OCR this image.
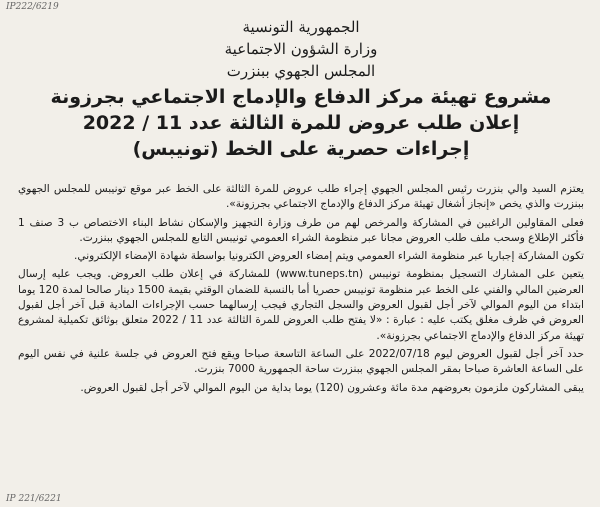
IP222/6219
الجمهورية التونسية
وزارة الشؤون الاجتماعية
المجلس الجهوي ببنزرت
مشروع تهيئة مركز الدفاع والإدماج الاجتماعي بجرزونة
إعلان طلب عروض للمرة الثالثة عدد 11 / 2022
إجراءات حصرية على الخط (تونيبس)

يعتزم السيد والي بنزرت رئيس المجلس الجهوي إجراء طلب عروض للمرة الثالثة على الخط عبر موقع تونيبس للمجلس الجهوي ببنزرت والذي يخص «إنجاز أشغال تهيئة مركز الدفاع والإدماج الاجتماعي بجرزونة».

فعلى المقاولين الراغبين في المشاركة والمرخص لهم من طرف وزارة التجهيز والإسكان نشاط البناء الاختصاص ب 3 صنف 1 فأكثر الإطلاع وسحب ملف طلب العروض مجانا عبر منظومة الشراء العمومي تونيبس التابع للمجلس الجهوي ببنزرت.

تكون المشاركة إجباريا عبر منظومة الشراء العمومي ويتم إمضاء العروض الكترونيا بواسطة شهادة الإمضاء الإلكتروني.

يتعين على المشارك التسجيل بمنظومة تونيبس (www.tuneps.tn) للمشاركة في إعلان طلب العروض. ويجب عليه إرسال العرضين المالي والفني على الخط عبر منظومة تونيبس حصريا أما بالنسبة للضمان الوقتي بقيمة 1500 دينار صالحا لمدة 120 يوما ابتداء من اليوم الموالي لآخر أجل لقبول العروض والسجل التجاري فيجب إرسالهما حسب الإجراءات المادية قبل آخر أجل لقبول العروض في ظرف مغلق يكتب عليه : عبارة : «لا يفتح طلب العروض للمرة الثالثة عدد 11 / 2022 متعلق بوثائق تكميلية لمشروع تهيئة مركز الدفاع والإدماج الاجتماعي بجرزونة».

حدد آخر أجل لقبول العروض ليوم 2022/07/18 على الساعة التاسعة صباحا ويقع فتح العروض في جلسة علنية في نفس اليوم على الساعة العاشرة صباحا بمقر المجلس الجهوي ببنزرت ساحة الجمهورية 7000 بنزرت.

يبقى المشاركون ملزمون بعروضهم مدة مائة وعشرون (120) يوما بداية من اليوم الموالي لآخر أجل لقبول العروض.

IP 221/6221
